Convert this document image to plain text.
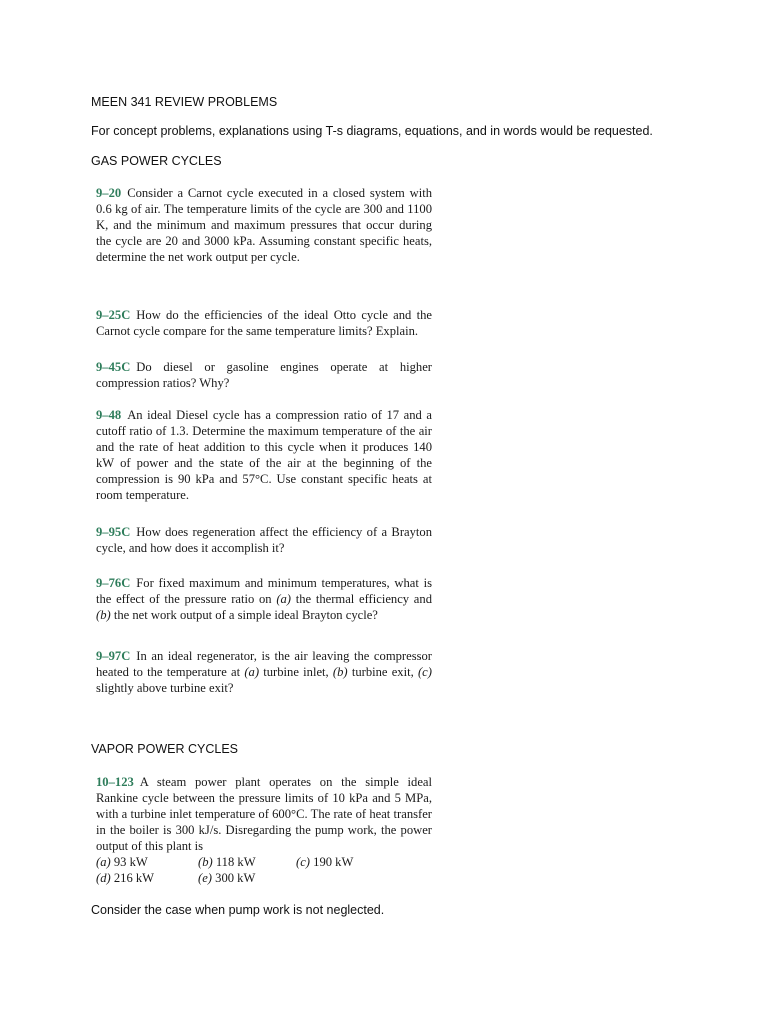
MEEN 341 REVIEW PROBLEMS
For concept problems, explanations using T-s diagrams, equations, and in words would be requested.
GAS POWER CYCLES
9–20 Consider a Carnot cycle executed in a closed system with 0.6 kg of air. The temperature limits of the cycle are 300 and 1100 K, and the minimum and maximum pressures that occur during the cycle are 20 and 3000 kPa. Assuming constant specific heats, determine the net work output per cycle.
9–25C How do the efficiencies of the ideal Otto cycle and the Carnot cycle compare for the same temperature limits? Explain.
9–45C Do diesel or gasoline engines operate at higher compression ratios? Why?
9–48 An ideal Diesel cycle has a compression ratio of 17 and a cutoff ratio of 1.3. Determine the maximum temperature of the air and the rate of heat addition to this cycle when it produces 140 kW of power and the state of the air at the beginning of the compression is 90 kPa and 57°C. Use constant specific heats at room temperature.
9–95C How does regeneration affect the efficiency of a Brayton cycle, and how does it accomplish it?
9–76C For fixed maximum and minimum temperatures, what is the effect of the pressure ratio on (a) the thermal efficiency and (b) the net work output of a simple ideal Brayton cycle?
9–97C In an ideal regenerator, is the air leaving the compressor heated to the temperature at (a) turbine inlet, (b) turbine exit, (c) slightly above turbine exit?
VAPOR POWER CYCLES
10–123 A steam power plant operates on the simple ideal Rankine cycle between the pressure limits of 10 kPa and 5 MPa, with a turbine inlet temperature of 600°C. The rate of heat transfer in the boiler is 300 kJ/s. Disregarding the pump work, the power output of this plant is
(a) 93 kW	(b) 118 kW	(c) 190 kW
(d) 216 kW	(e) 300 kW
Consider the case when pump work is not neglected.
